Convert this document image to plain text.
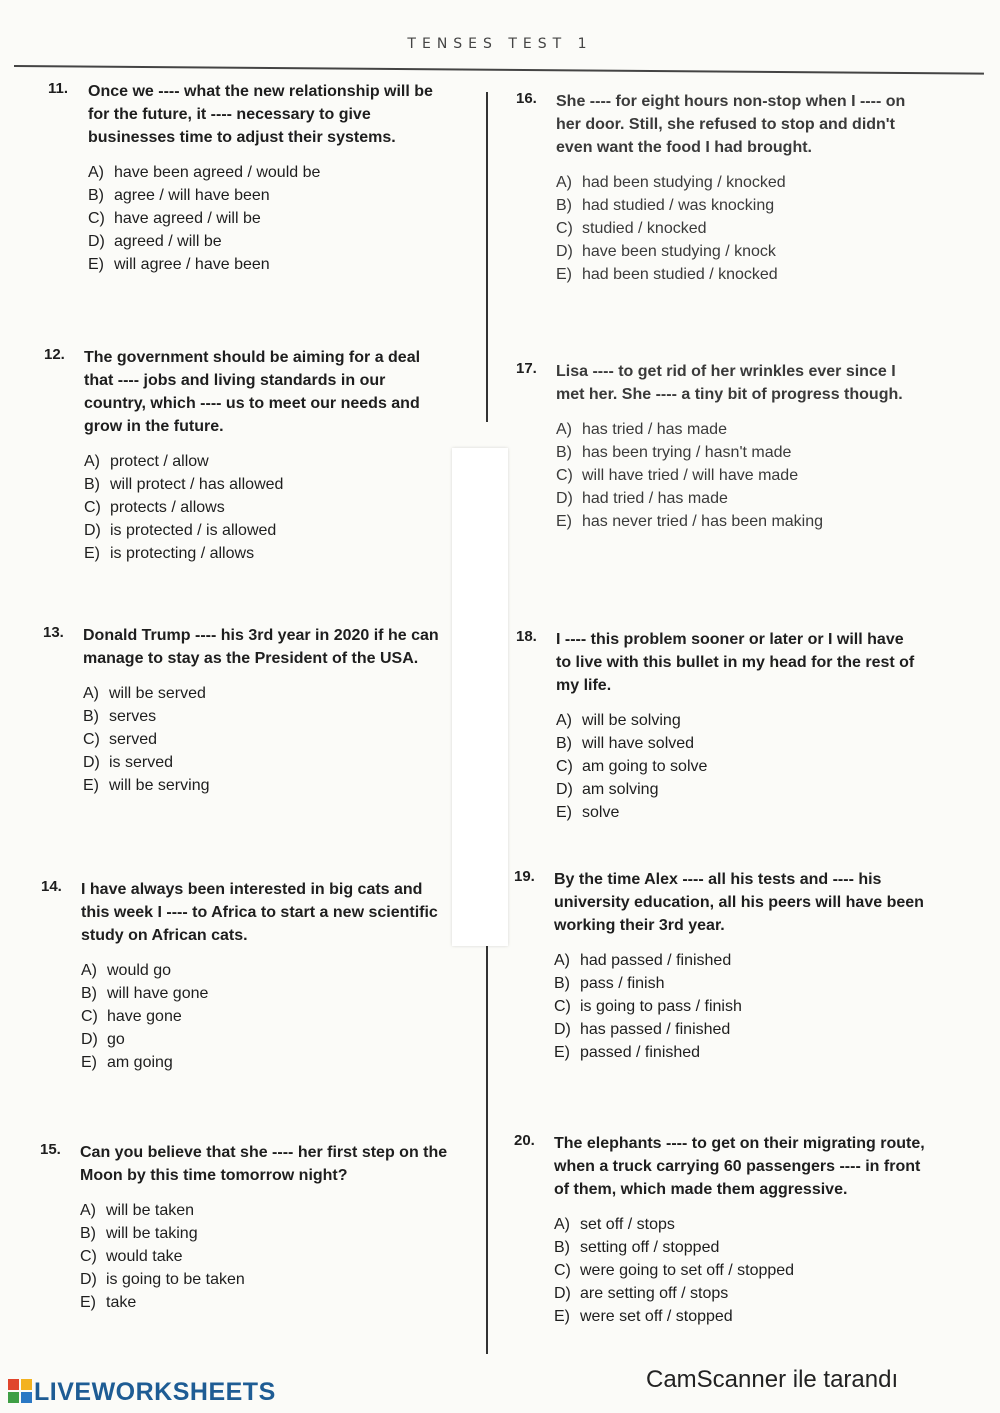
TENSES TEST 1
11.	Once we ---- what the new relationship will be for the future, it ---- necessary to give businesses time to adjust their systems.
A) have been agreed / would be
B) agree / will have been
C) have agreed / will be
D) agreed / will be
E) will agree / have been
12.	The government should be aiming for a deal that ---- jobs and living standards in our country, which ---- us to meet our needs and grow in the future.
A) protect / allow
B) will protect / has allowed
C) protects / allows
D) is protected / is allowed
E) is protecting / allows
13.	Donald Trump ---- his 3rd year in 2020 if he can manage to stay as the President of the USA.
A) will be served
B) serves
C) served
D) is served
E) will be serving
14.	I have always been interested in big cats and this week I ---- to Africa to start a new scientific study on African cats.
A) would go
B) will have gone
C) have gone
D) go
E) am going
15.	Can you believe that she ---- her first step on the Moon by this time tomorrow night?
A) will be taken
B) will be taking
C) would take
D) is going to be taken
E) take
16.	She ---- for eight hours non-stop when I ---- on her door. Still, she refused to stop and didn't even want the food I had brought.
A) had been studying / knocked
B) had studied / was knocking
C) studied / knocked
D) have been studying / knock
E) had been studied / knocked
17.	Lisa ---- to get rid of her wrinkles ever since I met her. She ---- a tiny bit of progress though.
A) has tried / has made
B) has been trying / hasn't made
C) will have tried / will have made
D) had tried / has made
E) has never tried / has been making
18.	I ---- this problem sooner or later or I will have to live with this bullet in my head for the rest of my life.
A) will be solving
B) will have solved
C) am going to solve
D) am solving
E) solve
19.	By the time Alex ---- all his tests and ---- his university education, all his peers will have been working their 3rd year.
A) had passed / finished
B) pass / finish
C) is going to pass / finish
D) has passed / finished
E) passed / finished
20.	The elephants ---- to get on their migrating route, when a truck carrying 60 passengers ---- in front of them, which made them aggressive.
A) set off / stops
B) setting off / stopped
C) were going to set off / stopped
D) are setting off / stops
E) were set off / stopped
LIVEWORKSHEETS	CamScanner ile tarandı
